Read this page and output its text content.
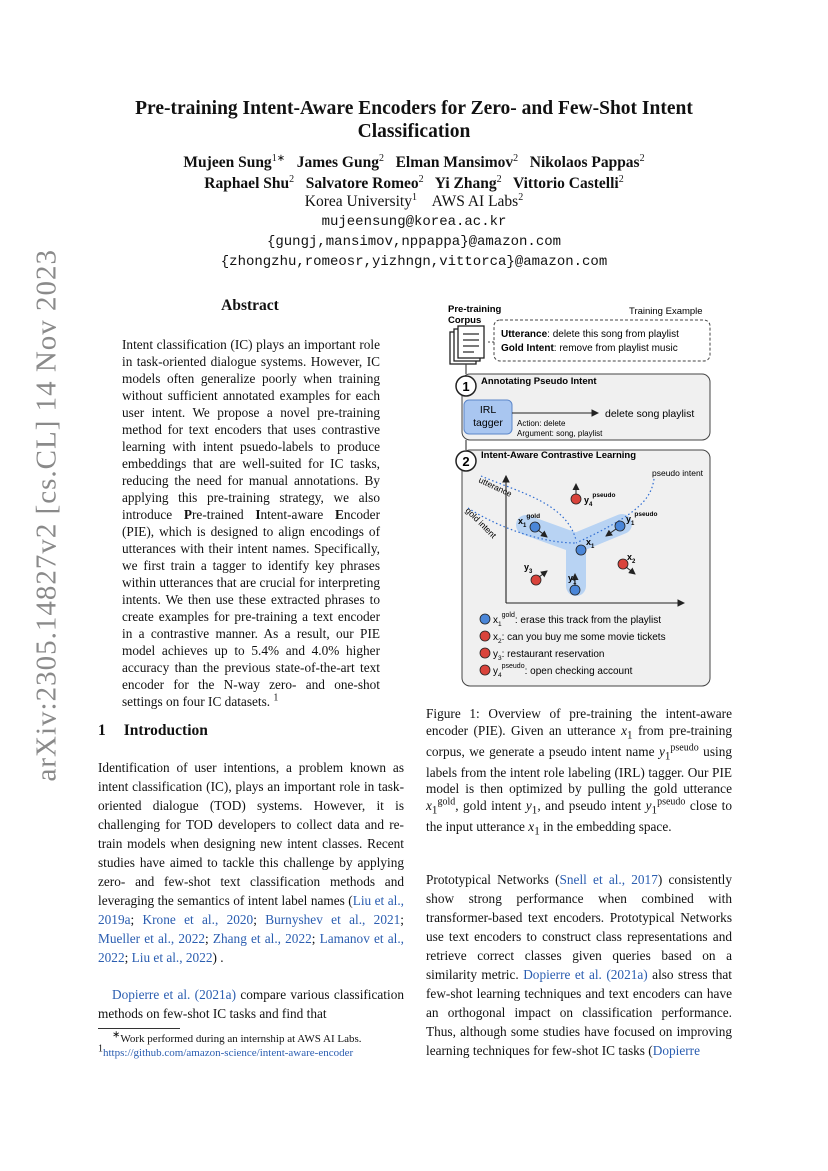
arXiv:2305.14827v2 [cs.CL] 14 Nov 2023
Pre-training Intent-Aware Encoders for Zero- and Few-Shot Intent
Classification
Mujeen Sung$^{1∗}$ James Gung$^2$ Elman Mansimov$^2$ Nikolaos Pappas$^2$
Raphael Shu$^2$ Salvatore Romeo$^2$ Yi Zhang$^2$ Vittorio Castelli$^2$
Korea University$^1$ AWS AI Labs$^2$
mujeensung@korea.ac.kr
{gungj,mansimov,nppappa}@amazon.com
{zhongzhu,romeosr,yizhngn,vittorca}@amazon.com
Abstract
Intent classification (IC) plays an important role in task-oriented dialogue systems. However, IC models often generalize poorly when training without sufficient annotated examples for each user intent. We propose a novel pre-training method for text encoders that uses contrastive learning with intent psuedo-labels to produce embeddings that are well-suited for IC tasks, reducing the need for manual annotations. By applying this pre-training strategy, we also introduce Pre-trained Intent-aware Encoder (PIE), which is designed to align encodings of utterances with their intent names. Specifically, we first train a tagger to identify key phrases within utterances that are crucial for interpreting intents. We then use these extracted phrases to create examples for pre-training a text encoder in a contrastive manner. As a result, our PIE model achieves up to 5.4% and 4.0% higher accuracy than the previous state-of-the-art text encoder for the N-way zero- and one-shot settings on four IC datasets. $^1$
1 Introduction
Identification of user intentions, a problem known as intent classification (IC), plays an important role in task-oriented dialogue (TOD) systems. However, it is challenging for TOD developers to collect data and re-train models when designing new intent classes. Recent studies have aimed to tackle this challenge by applying zero- and few-shot text classification methods and leveraging the semantics of intent label names (Liu et al., 2019a; Krone et al., 2020; Burnyshev et al., 2021; Mueller et al., 2022; Zhang et al., 2022; Lamanov et al., 2022; Liu et al., 2022) .
Dopierre et al. (2021a) compare various classification methods on few-shot IC tasks and find that
∗Work performed during an internship at AWS AI Labs.
$^1$https://github.com/amazon-science/intent-aware-encoder
Pre-training
Corpus
Training Example
Utterance: delete this song from playlist
Gold Intent: remove from playlist music
1 Annotating Pseudo Intent
IRL
tagger Action: delete
Argument: song, playlist
delete song playlist
2 Intent-Aware Contrastive Learning
pseudo intent
utterance
gold intent
$y_4^{pseudo}$
$x_1^{gold}$	$y_1^{pseudo}$
$x_1$
$x_2$
$y_3$
$y_1$
$x_1^{gold}$: erase this track from the playlist
$x_2$: can you buy me some movie tickets
$y_3$: restaurant reservation
$y_4^{pseudo}$: open checking account
Figure 1: Overview of pre-training the intent-aware encoder (PIE). Given an utterance $x_1$ from pre-training corpus, we generate a pseudo intent name $y_1^{pseudo}$ using labels from the intent role labeling (IRL) tagger. Our PIE model is then optimized by pulling the gold utterance $x_1^{gold}$, gold intent $y_1$, and pseudo intent $y_1^{pseudo}$ close to the input utterance $x_1$ in the embedding space.
Prototypical Networks (Snell et al., 2017) consistently show strong performance when combined with transformer-based text encoders. Prototypical Networks use text encoders to construct class representations and retrieve correct classes given queries based on a similarity metric. Dopierre et al. (2021a) also stress that few-shot learning techniques and text encoders can have an orthogonal impact on classification performance. Thus, although some studies have focused on improving learning techniques for few-shot IC tasks (Dopierre
